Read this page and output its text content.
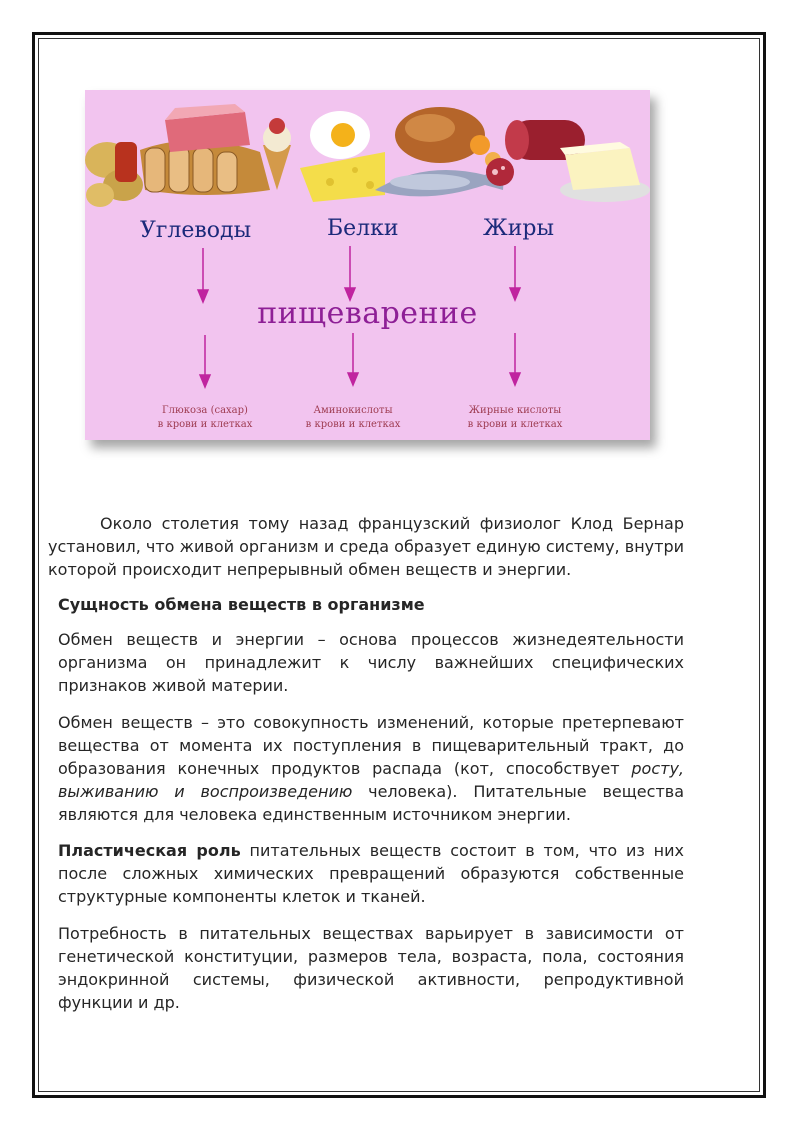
Углеводы	Белки	Жиры
пищеварение
Глюкоза (сахар)
в крови и клетках
Аминокислоты
в крови и клетках
Жирные кислоты
в крови и клетках
Около столетия тому назад французский физиолог Клод Бернар установил, что живой организм и среда образует единую систему, внутри которой происходит непрерывный обмен веществ и энергии.
Сущность обмена веществ в организме
Обмен веществ и энергии – основа процессов жизнедеятельности организма он принадлежит к числу важнейших специфических признаков живой материи.
Обмен веществ – это совокупность изменений, которые претерпевают вещества от момента их поступления в пищеварительный тракт, до образования конечных продуктов распада (кот, способствует росту, выживанию и воспроизведению человека). Питательные вещества являются для человека единственным источником энергии.
Пластическая роль питательных веществ состоит в том, что из них после сложных химических превращений образуются собственные структурные компоненты клеток и тканей.
Потребность в питательных веществах варьирует в зависимости от генетической конституции, размеров тела, возраста, пола, состояния эндокринной системы, физической активности, репродуктивной функции и др.
